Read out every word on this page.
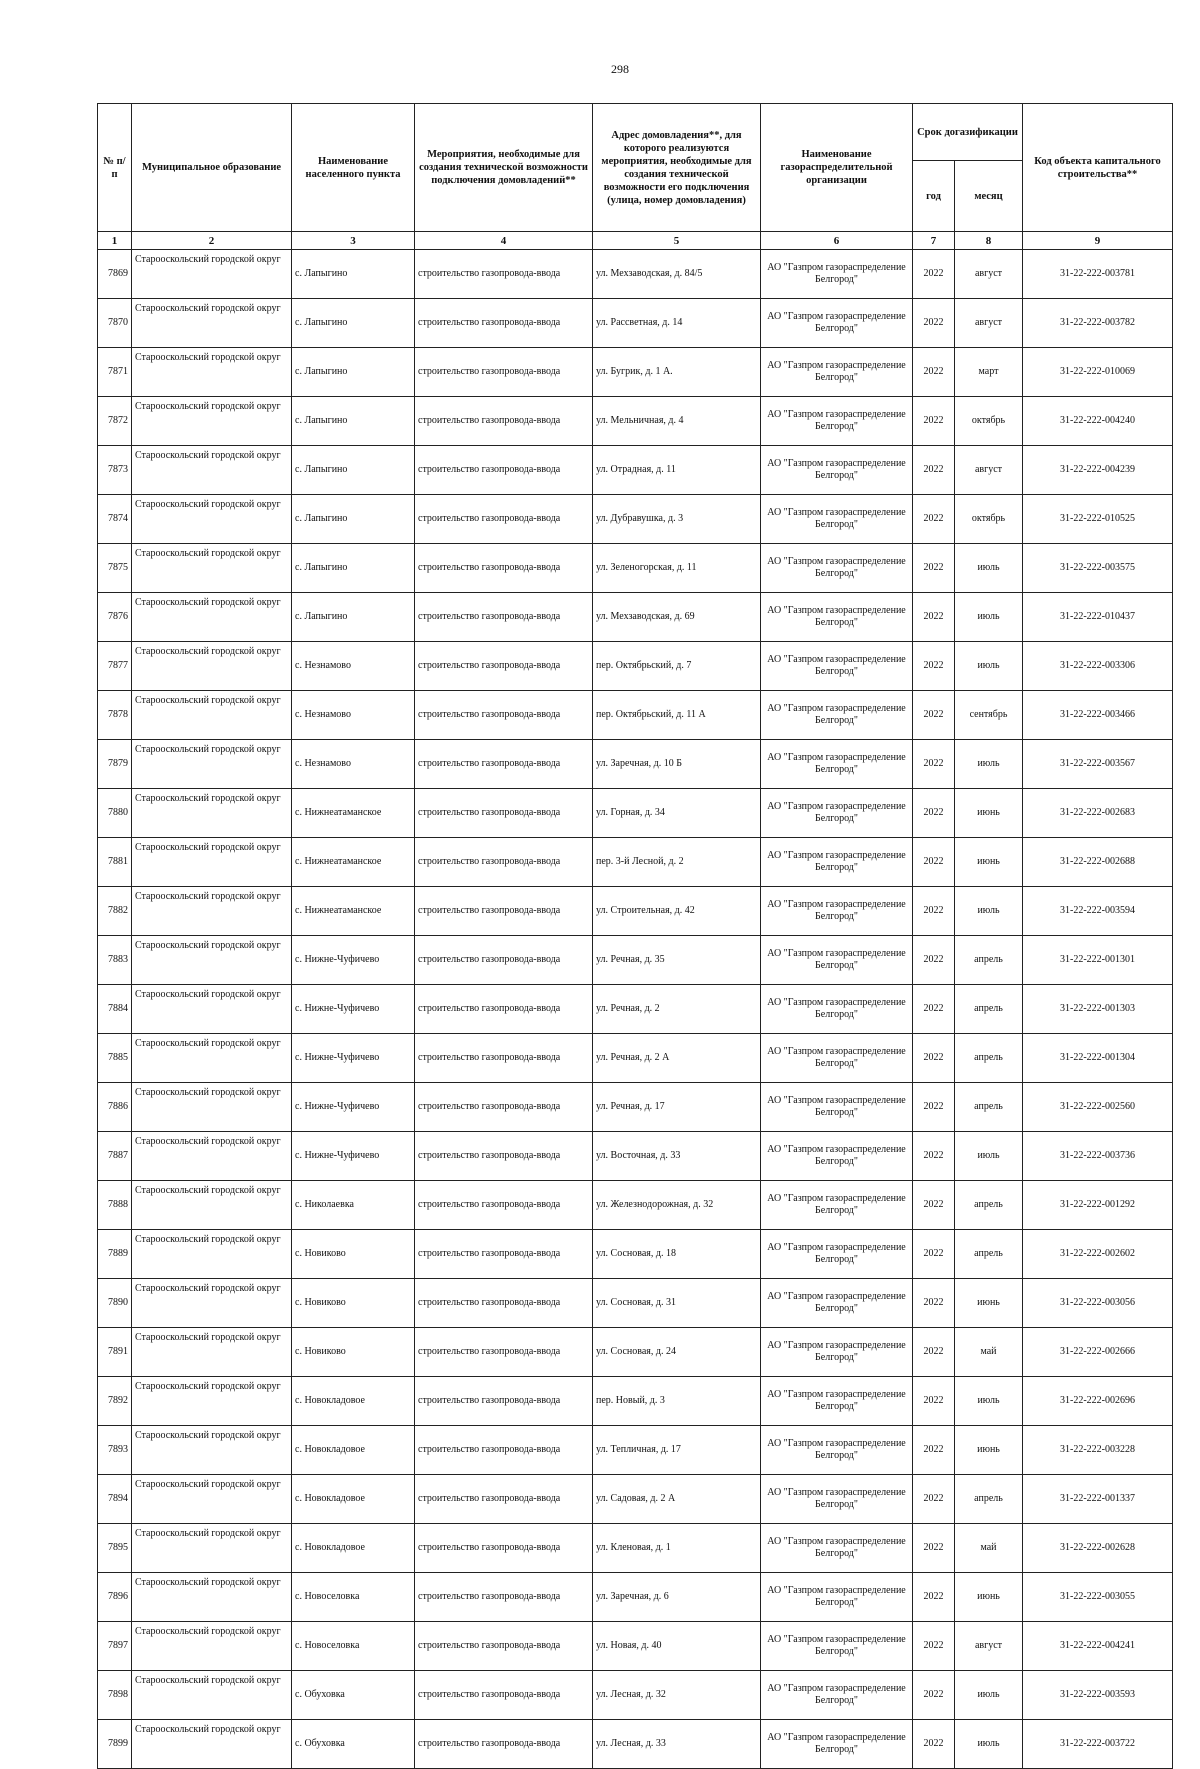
298
№ п/п	Муниципальное образование	Наименование населенного пункта	Мероприятия, необходимые для создания технической возможности подключения домовладений**	Адрес домовладения**, для которого реализуются мероприятия, необходимые для создания технической возможности его подключения (улица, номер домовладения)	Наименование газораспределительной организации	Срок догазификации		Код объекта капитального строительства**
						год	месяц	
1	2	3	4	5	6	7	8	9
7869	Старооскольский городской округ	с. Лапыгино	строительство газопровода-ввода	ул. Мехзаводская, д. 84/5	АО "Газпром газораспределение Белгород"	2022	август	31-22-222-003781
7870	Старооскольский городской округ	с. Лапыгино	строительство газопровода-ввода	ул. Рассветная, д. 14	АО "Газпром газораспределение Белгород"	2022	август	31-22-222-003782
7871	Старооскольский городской округ	с. Лапыгино	строительство газопровода-ввода	ул. Бугрик, д. 1 А.	АО "Газпром газораспределение Белгород"	2022	март	31-22-222-010069
7872	Старооскольский городской округ	с. Лапыгино	строительство газопровода-ввода	ул. Мельничная, д. 4	АО "Газпром газораспределение Белгород"	2022	октябрь	31-22-222-004240
7873	Старооскольский городской округ	с. Лапыгино	строительство газопровода-ввода	ул. Отрадная, д. 11	АО "Газпром газораспределение Белгород"	2022	август	31-22-222-004239
7874	Старооскольский городской округ	с. Лапыгино	строительство газопровода-ввода	ул. Дубравушка, д. 3	АО "Газпром газораспределение Белгород"	2022	октябрь	31-22-222-010525
7875	Старооскольский городской округ	с. Лапыгино	строительство газопровода-ввода	ул. Зеленогорская, д. 11	АО "Газпром газораспределение Белгород"	2022	июль	31-22-222-003575
7876	Старооскольский городской округ	с. Лапыгино	строительство газопровода-ввода	ул. Мехзаводская, д. 69	АО "Газпром газораспределение Белгород"	2022	июль	31-22-222-010437
7877	Старооскольский городской округ	с. Незнамово	строительство газопровода-ввода	пер. Октябрьский, д. 7	АО "Газпром газораспределение Белгород"	2022	июль	31-22-222-003306
7878	Старооскольский городской округ	с. Незнамово	строительство газопровода-ввода	пер. Октябрьский, д. 11 А	АО "Газпром газораспределение Белгород"	2022	сентябрь	31-22-222-003466
7879	Старооскольский городской округ	с. Незнамово	строительство газопровода-ввода	ул. Заречная, д. 10 Б	АО "Газпром газораспределение Белгород"	2022	июль	31-22-222-003567
7880	Старооскольский городской округ	с. Нижнеатаманское	строительство газопровода-ввода	ул. Горная, д. 34	АО "Газпром газораспределение Белгород"	2022	июнь	31-22-222-002683
7881	Старооскольский городской округ	с. Нижнеатаманское	строительство газопровода-ввода	пер. 3-й Лесной, д. 2	АО "Газпром газораспределение Белгород"	2022	июнь	31-22-222-002688
7882	Старооскольский городской округ	с. Нижнеатаманское	строительство газопровода-ввода	ул. Строительная, д. 42	АО "Газпром газораспределение Белгород"	2022	июль	31-22-222-003594
7883	Старооскольский городской округ	с. Нижне-Чуфичево	строительство газопровода-ввода	ул. Речная, д. 35	АО "Газпром газораспределение Белгород"	2022	апрель	31-22-222-001301
7884	Старооскольский городской округ	с. Нижне-Чуфичево	строительство газопровода-ввода	ул. Речная, д. 2	АО "Газпром газораспределение Белгород"	2022	апрель	31-22-222-001303
7885	Старооскольский городской округ	с. Нижне-Чуфичево	строительство газопровода-ввода	ул. Речная, д. 2 А	АО "Газпром газораспределение Белгород"	2022	апрель	31-22-222-001304
7886	Старооскольский городской округ	с. Нижне-Чуфичево	строительство газопровода-ввода	ул. Речная, д. 17	АО "Газпром газораспределение Белгород"	2022	апрель	31-22-222-002560
7887	Старооскольский городской округ	с. Нижне-Чуфичево	строительство газопровода-ввода	ул. Восточная, д. 33	АО "Газпром газораспределение Белгород"	2022	июль	31-22-222-003736
7888	Старооскольский городской округ	с. Николаевка	строительство газопровода-ввода	ул. Железнодорожная, д. 32	АО "Газпром газораспределение Белгород"	2022	апрель	31-22-222-001292
7889	Старооскольский городской округ	с. Новиково	строительство газопровода-ввода	ул. Сосновая, д. 18	АО "Газпром газораспределение Белгород"	2022	апрель	31-22-222-002602
7890	Старооскольский городской округ	с. Новиково	строительство газопровода-ввода	ул. Сосновая, д. 31	АО "Газпром газораспределение Белгород"	2022	июнь	31-22-222-003056
7891	Старооскольский городской округ	с. Новиково	строительство газопровода-ввода	ул. Сосновая, д. 24	АО "Газпром газораспределение Белгород"	2022	май	31-22-222-002666
7892	Старооскольский городской округ	с. Новокладовое	строительство газопровода-ввода	пер. Новый, д. 3	АО "Газпром газораспределение Белгород"	2022	июль	31-22-222-002696
7893	Старооскольский городской округ	с. Новокладовое	строительство газопровода-ввода	ул. Тепличная, д. 17	АО "Газпром газораспределение Белгород"	2022	июнь	31-22-222-003228
7894	Старооскольский городской округ	с. Новокладовое	строительство газопровода-ввода	ул. Садовая, д. 2 А	АО "Газпром газораспределение Белгород"	2022	апрель	31-22-222-001337
7895	Старооскольский городской округ	с. Новокладовое	строительство газопровода-ввода	ул. Кленовая, д. 1	АО "Газпром газораспределение Белгород"	2022	май	31-22-222-002628
7896	Старооскольский городской округ	с. Новоселовка	строительство газопровода-ввода	ул. Заречная, д. 6	АО "Газпром газораспределение Белгород"	2022	июнь	31-22-222-003055
7897	Старооскольский городской округ	с. Новоселовка	строительство газопровода-ввода	ул. Новая, д. 40	АО "Газпром газораспределение Белгород"	2022	август	31-22-222-004241
7898	Старооскольский городской округ	с. Обуховка	строительство газопровода-ввода	ул. Лесная, д. 32	АО "Газпром газораспределение Белгород"	2022	июль	31-22-222-003593
7899	Старооскольский городской округ	с. Обуховка	строительство газопровода-ввода	ул. Лесная, д. 33	АО "Газпром газораспределение Белгород"	2022	июль	31-22-222-003722
